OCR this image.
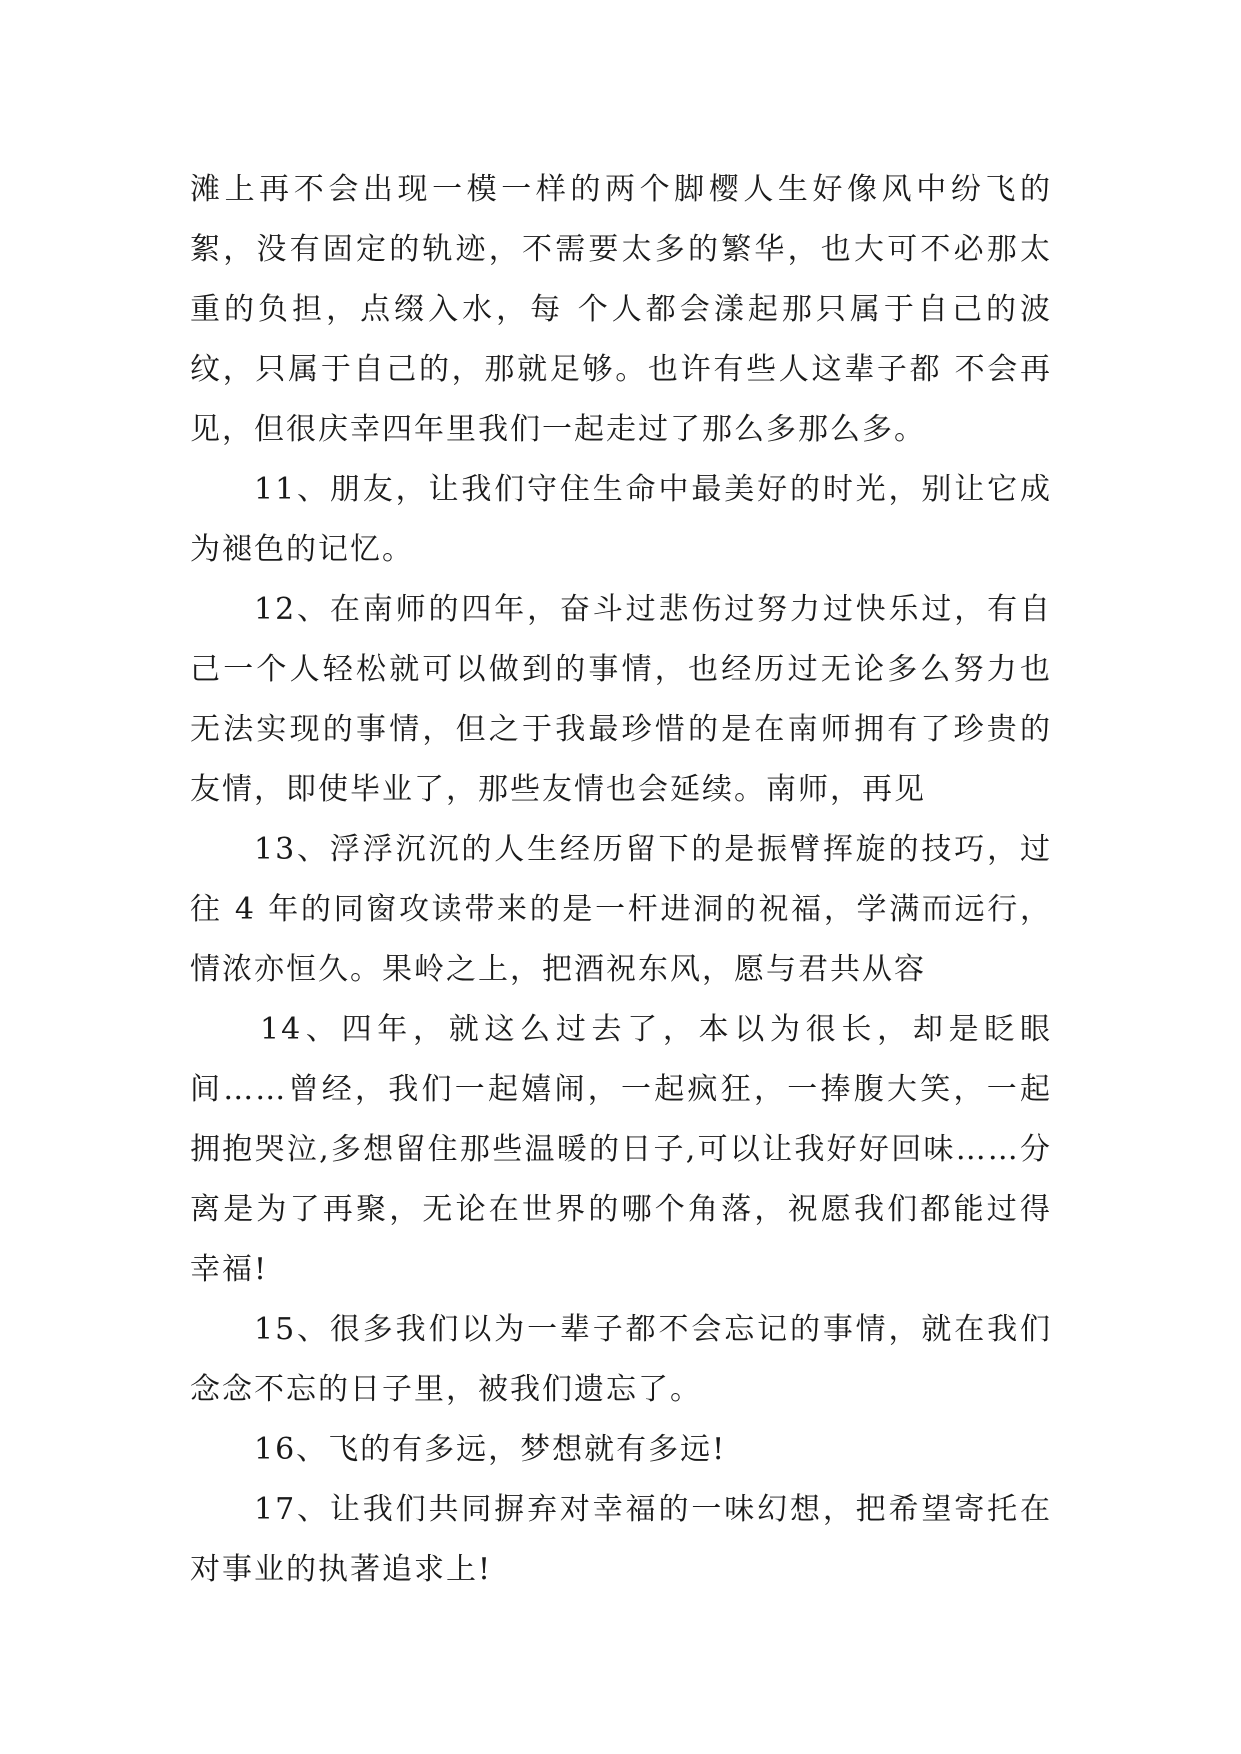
滩上再不会出现一模一样的两个脚樱人生好像风中纷飞的絮，没有固定的轨迹，不需要太多的繁华，也大可不必那太重的负担，点缀入水，每 个人都会漾起那只属于自己的波纹，只属于自己的，那就足够。也许有些人这辈子都 不会再见，但很庆幸四年里我们一起走过了那么多那么多。

11、朋友，让我们守住生命中最美好的时光，别让它成为褪色的记忆。

12、在南师的四年，奋斗过悲伤过努力过快乐过，有自己一个人轻松就可以做到的事情，也经历过无论多么努力也无法实现的事情，但之于我最珍惜的是在南师拥有了珍贵的友情，即使毕业了，那些友情也会延续。南师，再见

13、浮浮沉沉的人生经历留下的是振臂挥旋的技巧，过往 4 年的同窗攻读带来的是一杆进洞的祝福，学满而远行，情浓亦恒久。果岭之上，把酒祝东风，愿与君共从容

14、四年，就这么过去了，本以为很长，却是眨眼间……曾经，我们一起嬉闹，一起疯狂，一捧腹大笑，一起拥抱哭泣,多想留住那些温暖的日子,可以让我好好回味……分离是为了再聚，无论在世界的哪个角落，祝愿我们都能过得幸福!

15、很多我们以为一辈子都不会忘记的事情，就在我们念念不忘的日子里，被我们遗忘了。

16、飞的有多远，梦想就有多远!

17、让我们共同摒弃对幸福的一味幻想，把希望寄托在对事业的执著追求上!
